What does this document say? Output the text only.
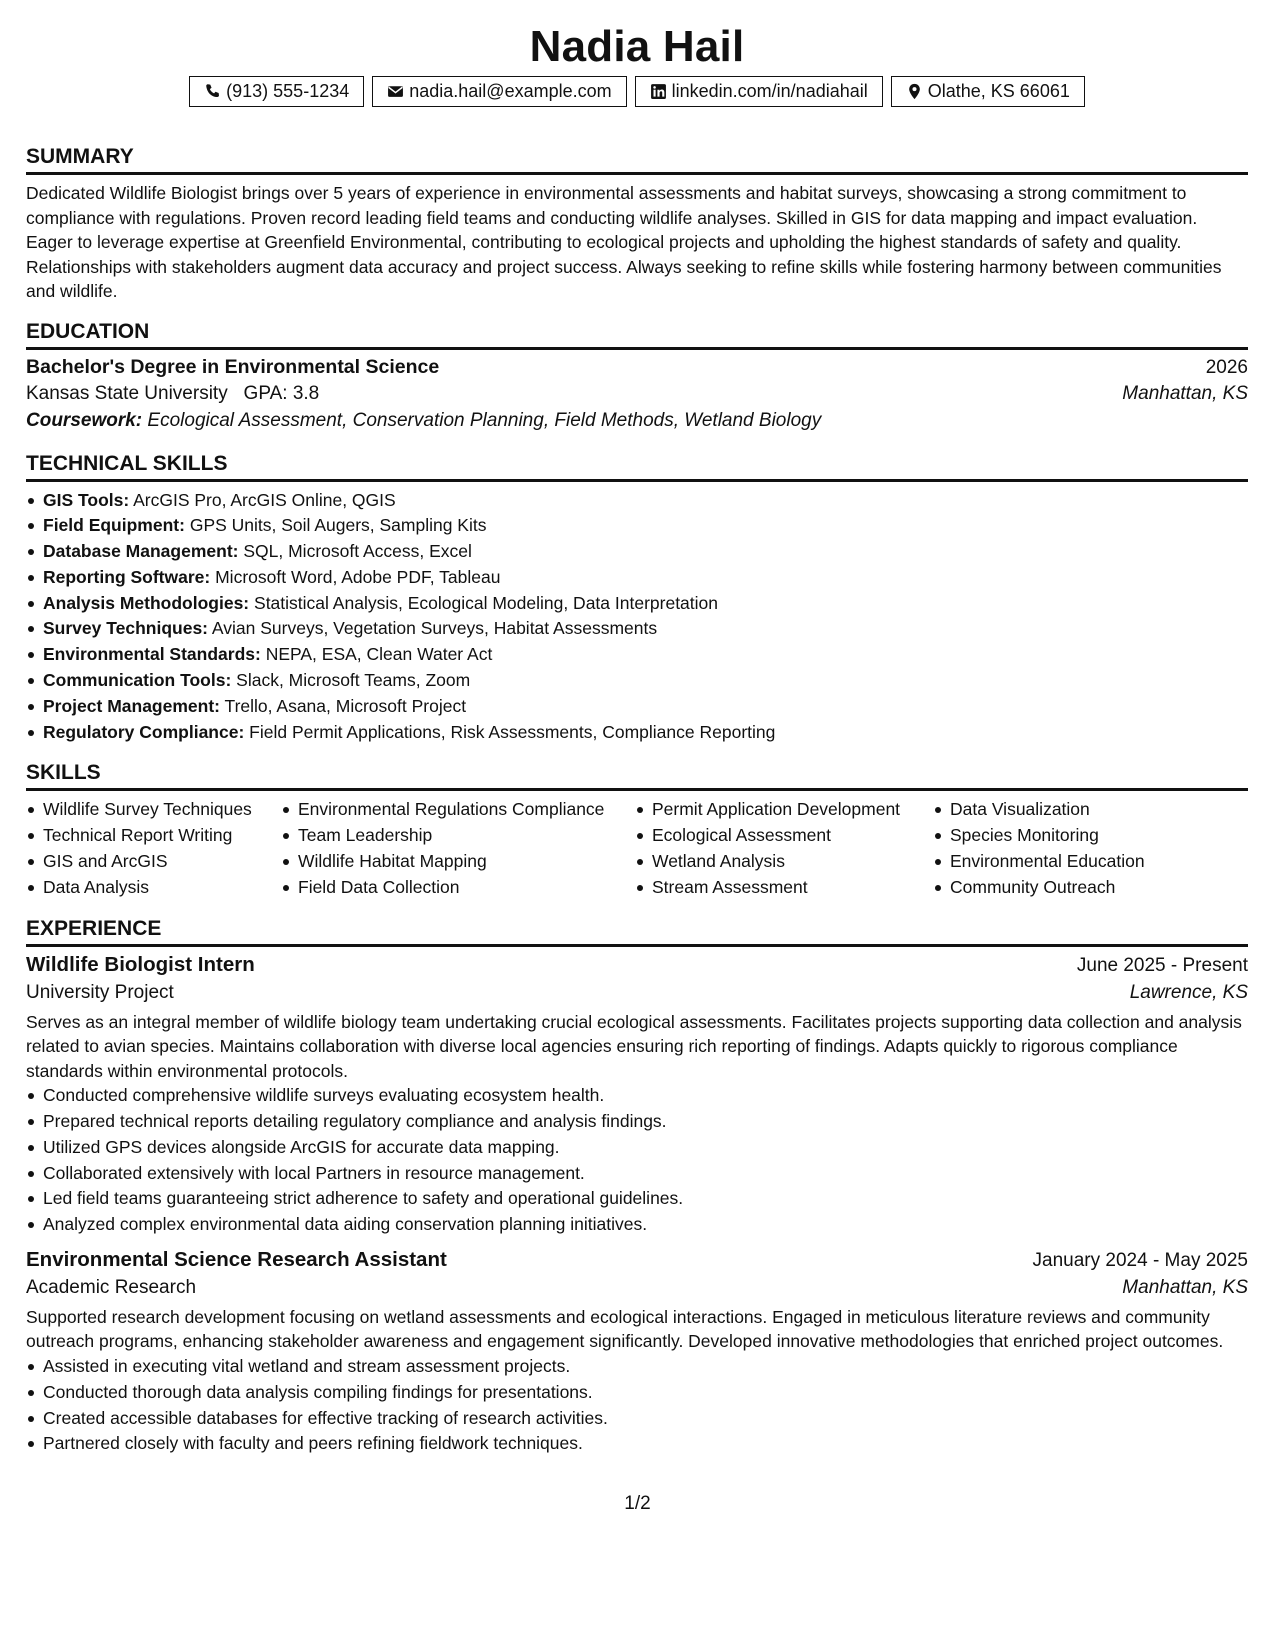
Nadia Hail
(913) 555-1234	nadia.hail@example.com	linkedin.com/in/nadiahail	Olathe, KS 66061
SUMMARY

Dedicated Wildlife Biologist brings over 5 years of experience in environmental assessments and habitat surveys, showcasing a strong commitment to compliance with regulations. Proven record leading field teams and conducting wildlife analyses. Skilled in GIS for data mapping and impact evaluation. Eager to leverage expertise at Greenfield Environmental, contributing to ecological projects and upholding the highest standards of safety and quality. Relationships with stakeholders augment data accuracy and project success. Always seeking to refine skills while fostering harmony between communities and wildlife.

EDUCATION
Bachelor's Degree in Environmental Science	2026
Kansas State University GPA: 3.8	Manhattan, KS
Coursework: Ecological Assessment, Conservation Planning, Field Methods, Wetland Biology
TECHNICAL SKILLS
GIS Tools: ArcGIS Pro, ArcGIS Online, QGIS
Field Equipment: GPS Units, Soil Augers, Sampling Kits
Database Management: SQL, Microsoft Access, Excel
Reporting Software: Microsoft Word, Adobe PDF, Tableau
Analysis Methodologies: Statistical Analysis, Ecological Modeling, Data Interpretation
Survey Techniques: Avian Surveys, Vegetation Surveys, Habitat Assessments
Environmental Standards: NEPA, ESA, Clean Water Act
Communication Tools: Slack, Microsoft Teams, Zoom
Project Management: Trello, Asana, Microsoft Project
Regulatory Compliance: Field Permit Applications, Risk Assessments, Compliance Reporting
SKILLS
Wildlife Survey Techniques
Technical Report Writing
GIS and ArcGIS
Data Analysis
Environmental Regulations Compliance
Team Leadership
Wildlife Habitat Mapping
Field Data Collection
Permit Application Development
Ecological Assessment
Wetland Analysis
Stream Assessment
Data Visualization
Species Monitoring
Environmental Education
Community Outreach
EXPERIENCE
Wildlife Biologist Intern	June 2025 - Present
University Project	Lawrence, KS

Serves as an integral member of wildlife biology team undertaking crucial ecological assessments. Facilitates projects supporting data collection and analysis related to avian species. Maintains collaboration with diverse local agencies ensuring rich reporting of findings. Adapts quickly to rigorous compliance standards within environmental protocols.

Conducted comprehensive wildlife surveys evaluating ecosystem health.
Prepared technical reports detailing regulatory compliance and analysis findings.
Utilized GPS devices alongside ArcGIS for accurate data mapping.
Collaborated extensively with local Partners in resource management.
Led field teams guaranteeing strict adherence to safety and operational guidelines.
Analyzed complex environmental data aiding conservation planning initiatives.
Environmental Science Research Assistant	January 2024 - May 2025
Academic Research	Manhattan, KS

Supported research development focusing on wetland assessments and ecological interactions. Engaged in meticulous literature reviews and community outreach programs, enhancing stakeholder awareness and engagement significantly. Developed innovative methodologies that enriched project outcomes.

Assisted in executing vital wetland and stream assessment projects.
Conducted thorough data analysis compiling findings for presentations.
Created accessible databases for effective tracking of research activities.
Partnered closely with faculty and peers refining fieldwork techniques.
1/2
